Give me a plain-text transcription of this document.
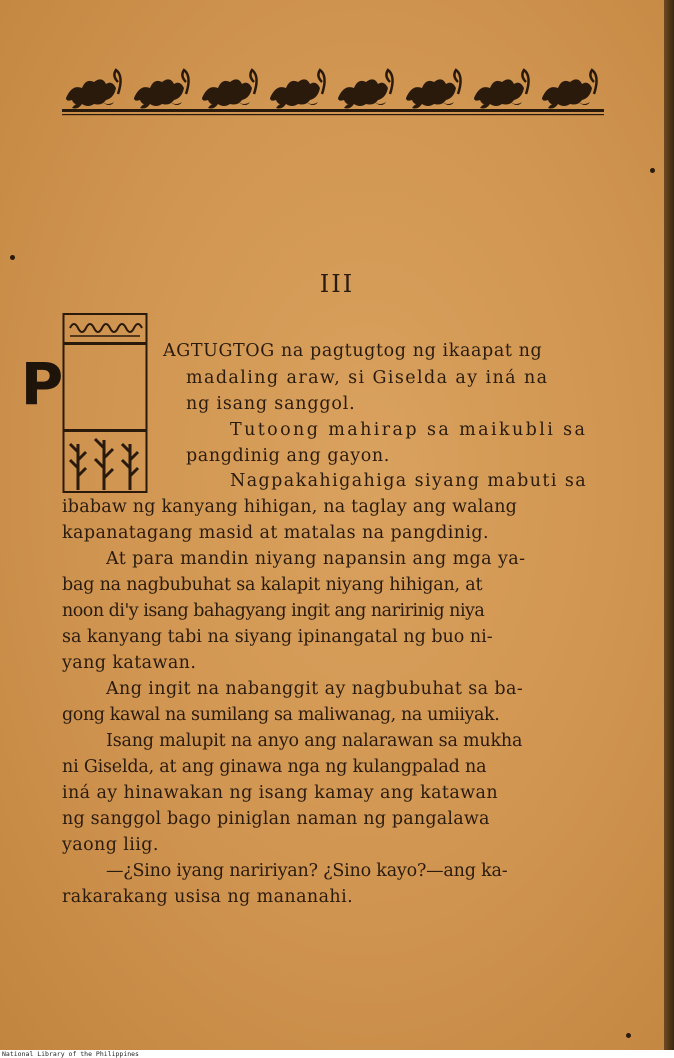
III
P	AGTUGTOG na pagtugtog ng ikaapat ng
madaling araw, si Giselda ay iná na
ng isang sanggol.
Tutoong mahirap sa maikubli sa
pangdinig ang gayon.
Nagpakahigahiga siyang mabuti sa
ibabaw ng kanyang hihigan, na taglay ang walang
kapanatagang masid at matalas na pangdinig.
At para mandin niyang napansin ang mga ya-
bag na nagbubuhat sa kalapit niyang hihigan, at
noon di'y isang bahagyang ingit ang naririnig niya
sa kanyang tabi na siyang ipinangatal ng buo ni-
yang katawan.
Ang ingit na nabanggit ay nagbubuhat sa ba-
gong kawal na sumilang sa maliwanag, na umiiyak.
Isang malupit na anyo ang nalarawan sa mukha
ni Giselda, at ang ginawa nga ng kulangpalad na
iná ay hinawakan ng isang kamay ang katawan
ng sanggol bago piniglan naman ng pangalawa
yaong liig.
—¿Sino iyang naririyan? ¿Sino kayo?—ang ka-
rakarakang usisa ng mananahi.
National Library of the Philippines
